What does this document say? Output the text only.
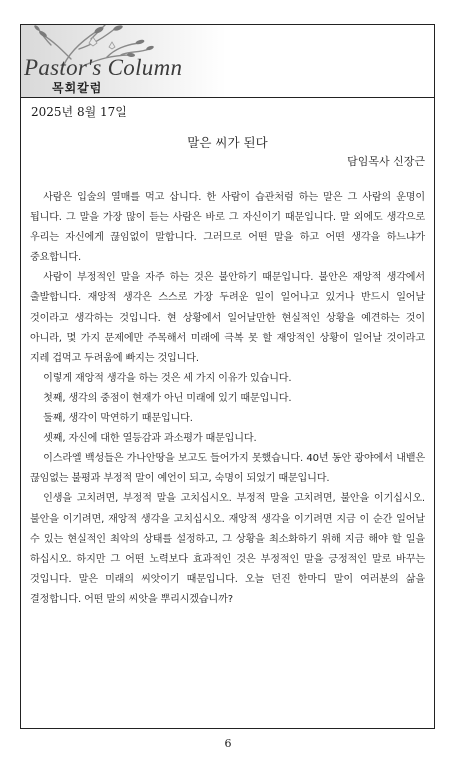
Pastor's Column
목회칼럼
2025년 8월 17일
말은 씨가 된다
담임목사 신장근

사람은 입술의 열매를 먹고 삽니다. 한 사람이 습관처럼 하는 말은 그 사람의 운명이 됩니다. 그 말을 가장 많이 듣는 사람은 바로 그 자신이기 때문입니다. 말 외에도 생각으로 우리는 자신에게 끊임없이 말합니다. 그러므로 어떤 말을 하고 어떤 생각을 하느냐가 중요합니다.

사람이 부정적인 말을 자주 하는 것은 불안하기 때문입니다. 불안은 재앙적 생각에서 출발합니다. 재앙적 생각은 스스로 가장 두려운 일이 일어나고 있거나 반드시 일어날 것이라고 생각하는 것입니다. 현 상황에서 일어날만한 현실적인 상황을 예견하는 것이 아니라, 몇 가지 문제에만 주목해서 미래에 극복 못 할 재앙적인 상황이 일어날 것이라고 지레 겁먹고 두려움에 빠지는 것입니다.

이렇게 재앙적 생각을 하는 것은 세 가지 이유가 있습니다.

첫째, 생각의 중점이 현재가 아닌 미래에 있기 때문입니다.

둘째, 생각이 막연하기 때문입니다.

셋째, 자신에 대한 열등감과 과소평가 때문입니다.

이스라엘 백성들은 가나안땅을 보고도 들어가지 못했습니다. 40년 동안 광야에서 내뱉은 끊임없는 불평과 부정적 말이 예언이 되고, 숙명이 되었기 때문입니다.

인생을 고치려면, 부정적 말을 고치십시오. 부정적 말을 고치려면, 불안을 이기십시오. 불안을 이기려면, 재앙적 생각을 고치십시오. 재앙적 생각을 이기려면 지금 이 순간 일어날 수 있는 현실적인 최악의 상태를 설정하고, 그 상황을 최소화하기 위해 지금 해야 할 일을 하십시오. 하지만 그 어떤 노력보다 효과적인 것은 부정적인 말을 긍정적인 말로 바꾸는 것입니다. 말은 미래의 씨앗이기 때문입니다. 오늘 던진 한마디 말이 여러분의 삶을 결정합니다. 어떤 말의 씨앗을 뿌리시겠습니까?

6
